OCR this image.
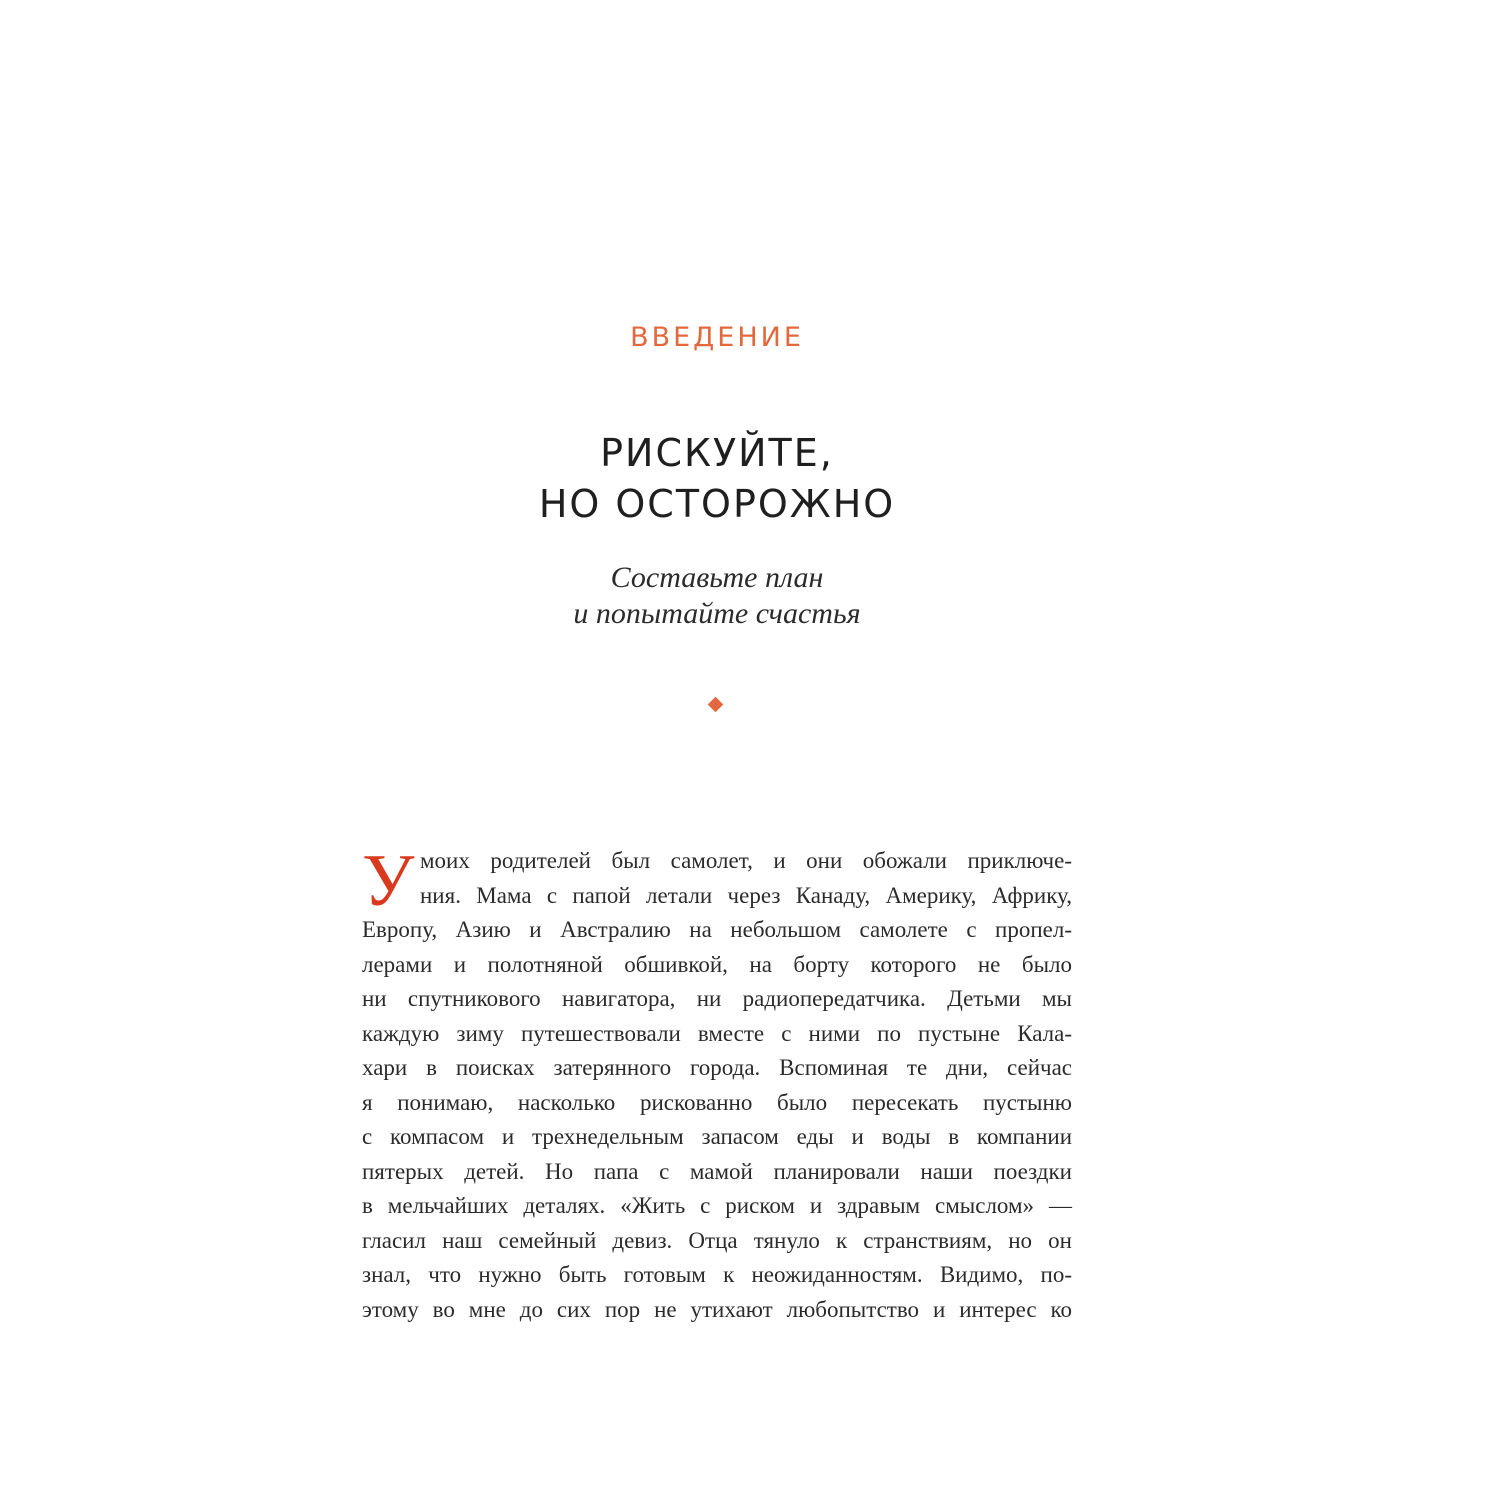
ВВЕДЕНИЕ
РИСКУЙТЕ,
НО ОСТОРОЖНО
Составьте план
и попытайте счастья
У моих родителей был самолет, и они обожали приключе-
ния. Мама с папой летали через Канаду, Америку, Африку,
Европу, Азию и Австралию на небольшом самолете с пропел-
лерами и полотняной обшивкой, на борту которого не было
ни спутникового навигатора, ни радиопередатчика. Детьми мы
каждую зиму путешествовали вместе с ними по пустыне Кала-
хари в поисках затерянного города. Вспоминая те дни, сейчас
я понимаю, насколько рискованно было пересекать пустыню
с компасом и трехнедельным запасом еды и воды в компании
пятерых детей. Но папа с мамой планировали наши поездки
в мельчайших деталях. «Жить с риском и здравым смыслом» —
гласил наш семейный девиз. Отца тянуло к странствиям, но он
знал, что нужно быть готовым к неожиданностям. Видимо, по-
этому во мне до сих пор не утихают любопытство и интерес ко
